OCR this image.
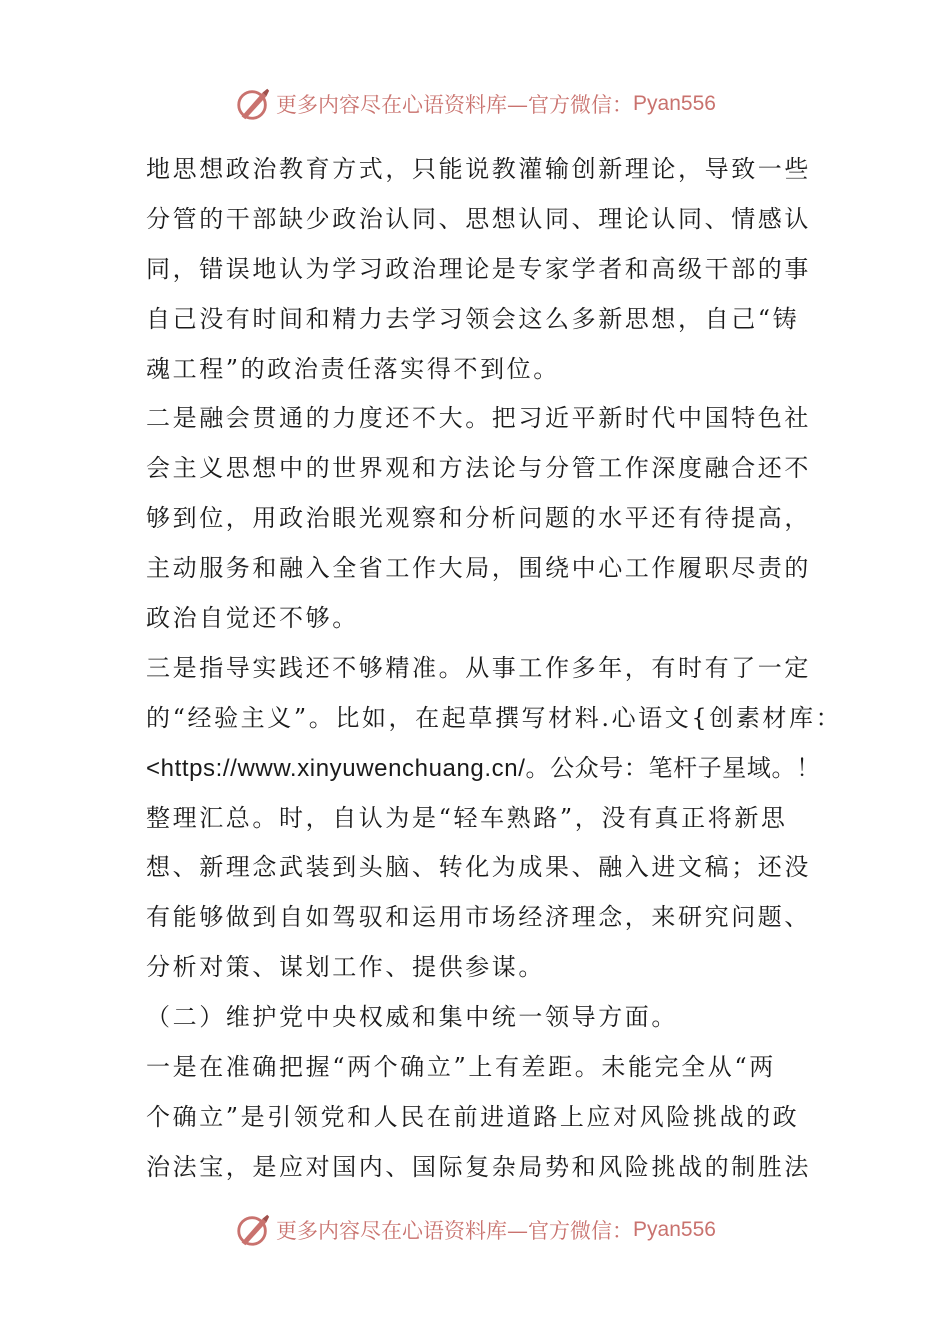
更多内容尽在心语资料库—官方微信： Pyan556
地思想政治教育方式，只能说教灌输创新理论，导致一些
分管的干部缺少政治认同、思想认同、理论认同、情感认
同，错误地认为学习政治理论是专家学者和高级干部的事
自己没有时间和精力去学习领会这么多新思想，自己“铸
魂工程”的政治责任落实得不到位。
二是融会贯通的力度还不大。把习近平新时代中国特色社
会主义思想中的世界观和方法论与分管工作深度融合还不
够到位，用政治眼光观察和分析问题的水平还有待提高，
主动服务和融入全省工作大局，围绕中心工作履职尽责的
政治自觉还不够。
三是指导实践还不够精准。从事工作多年，有时有了一定
的“经验主义”。比如，在起草撰写材料.心语文{创素材库：
<https://www.xinyuwenchuang.cn/。公众号：笔杆子星域。！
整理汇总。时，自认为是“轻车熟路”，没有真正将新思
想、新理念武装到头脑、转化为成果、融入进文稿；还没
有能够做到自如驾驭和运用市场经济理念，来研究问题、
分析对策、谋划工作、提供参谋。
（二）维护党中央权威和集中统一领导方面。
一是在准确把握“两个确立”上有差距。未能完全从“两
个确立”是引领党和人民在前进道路上应对风险挑战的政
治法宝，是应对国内、国际复杂局势和风险挑战的制胜法
更多内容尽在心语资料库—官方微信： Pyan556
